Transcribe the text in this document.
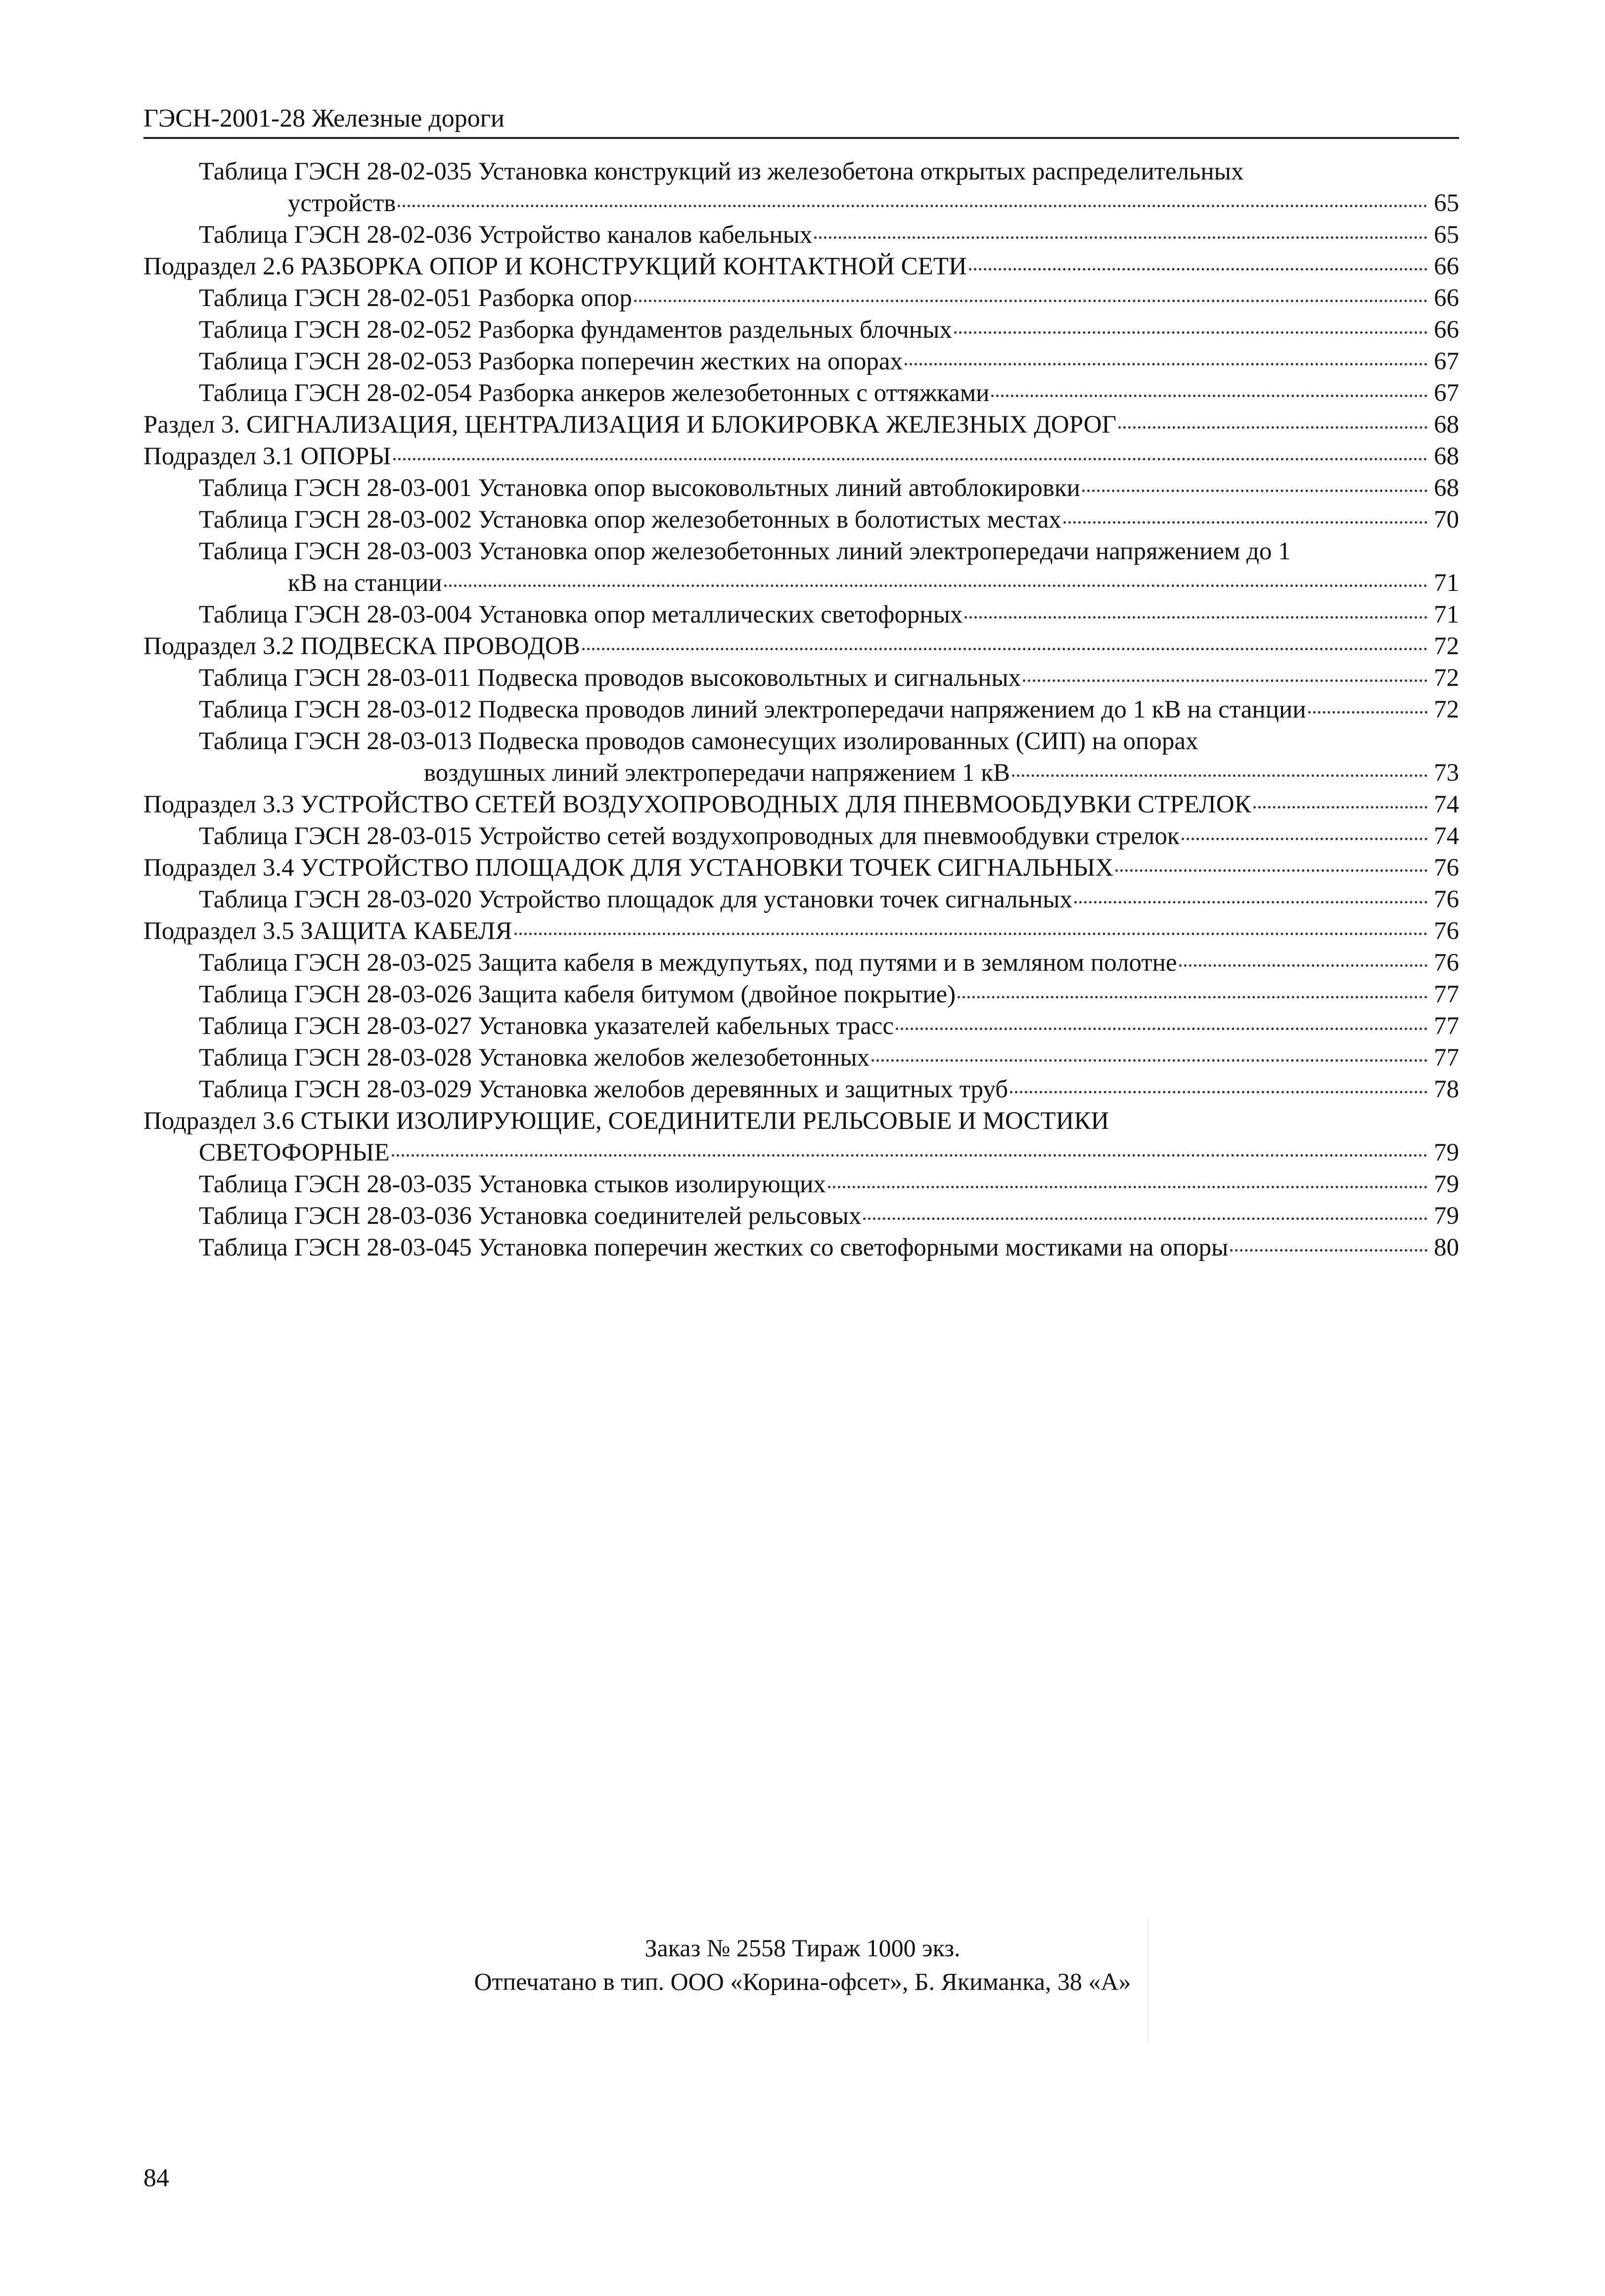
ГЭСН-2001-28 Железные дороги
Таблица ГЭСН 28-02-035 Установка конструкций из железобетона открытых распределительных
устройств	65
Таблица ГЭСН 28-02-036 Устройство каналов кабельных	65
Подраздел 2.6 РАЗБОРКА ОПОР И КОНСТРУКЦИЙ КОНТАКТНОЙ СЕТИ	66
Таблица ГЭСН 28-02-051 Разборка опор	66
Таблица ГЭСН 28-02-052 Разборка фундаментов раздельных блочных	66
Таблица ГЭСН 28-02-053 Разборка поперечин жестких на опорах	67
Таблица ГЭСН 28-02-054 Разборка анкеров железобетонных с оттяжками	67
Раздел 3. СИГНАЛИЗАЦИЯ, ЦЕНТРАЛИЗАЦИЯ И БЛОКИРОВКА ЖЕЛЕЗНЫХ ДОРОГ	68
Подраздел 3.1 ОПОРЫ	68
Таблица ГЭСН 28-03-001 Установка опор высоковольтных линий автоблокировки	68
Таблица ГЭСН 28-03-002 Установка опор железобетонных в болотистых местах	70
Таблица ГЭСН 28-03-003 Установка опор железобетонных линий электропередачи напряжением до 1
кВ на станции	71
Таблица ГЭСН 28-03-004 Установка опор металлических светофорных	71
Подраздел 3.2 ПОДВЕСКА ПРОВОДОВ	72
Таблица ГЭСН 28-03-011 Подвеска проводов высоковольтных и сигнальных	72
Таблица ГЭСН 28-03-012 Подвеска проводов линий электропередачи напряжением до 1 кВ на станции	72
Таблица ГЭСН 28-03-013 Подвеска проводов самонесущих изолированных (СИП) на опорах
воздушных линий электропередачи напряжением 1 кВ	73
Подраздел 3.3 УСТРОЙСТВО СЕТЕЙ ВОЗДУХОПРОВОДНЫХ ДЛЯ ПНЕВМООБДУВКИ СТРЕЛОК	74
Таблица ГЭСН 28-03-015 Устройство сетей воздухопроводных для пневмообдувки стрелок	74
Подраздел 3.4 УСТРОЙСТВО ПЛОЩАДОК ДЛЯ УСТАНОВКИ ТОЧЕК СИГНАЛЬНЫХ	76
Таблица ГЭСН 28-03-020 Устройство площадок для установки точек сигнальных	76
Подраздел 3.5 ЗАЩИТА КАБЕЛЯ	76
Таблица ГЭСН 28-03-025 Защита кабеля в междупутьях, под путями и в земляном полотне	76
Таблица ГЭСН 28-03-026 Защита кабеля битумом (двойное покрытие)	77
Таблица ГЭСН 28-03-027 Установка указателей кабельных трасс	77
Таблица ГЭСН 28-03-028 Установка желобов железобетонных	77
Таблица ГЭСН 28-03-029 Установка желобов деревянных и защитных труб	78
Подраздел 3.6 СТЫКИ ИЗОЛИРУЮЩИЕ, СОЕДИНИТЕЛИ РЕЛЬСОВЫЕ И МОСТИКИ
СВЕТОФОРНЫЕ	79
Таблица ГЭСН 28-03-035 Установка стыков изолирующих	79
Таблица ГЭСН 28-03-036 Установка соединителей рельсовых	79
Таблица ГЭСН 28-03-045 Установка поперечин жестких со светофорными мостиками на опоры	80
Заказ № 2558 Тираж 1000 экз.
Отпечатано в тип. ООО «Корина-офсет», Б. Якиманка, 38 «А»
84
